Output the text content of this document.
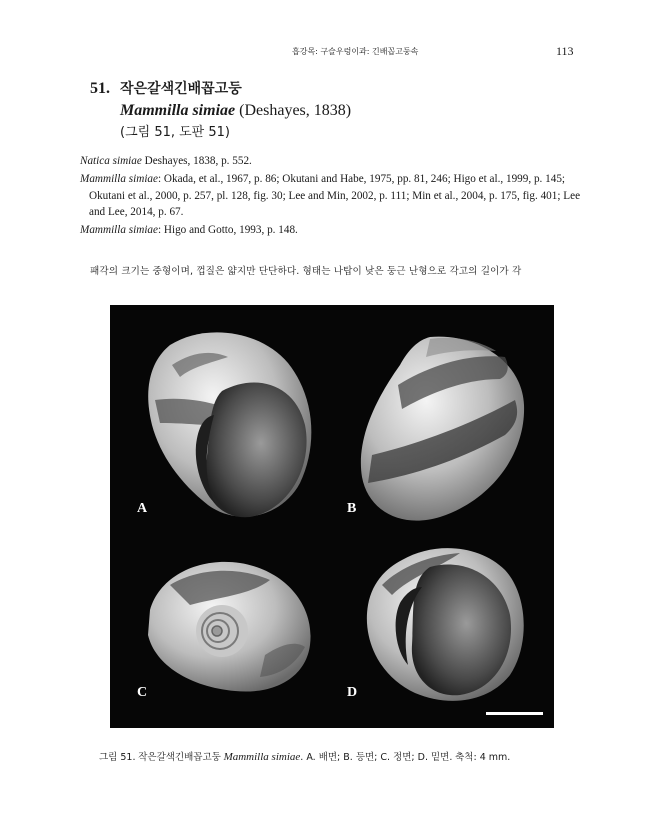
흡강목: 구슬우렁이과: 긴배꼽고둥속	113
51. 작은갈색긴배꼽고둥
Mammilla simiae (Deshayes, 1838)
(그림 51, 도판 51)

Natica simiae Deshayes, 1838, p. 552.

Mammilla simiae: Okada, et al., 1967, p. 86; Okutani and Habe, 1975, pp. 81, 246; Higo et al., 1999, p. 145; Okutani et al., 2000, p. 257, pl. 128, fig. 30; Lee and Min, 2002, p. 111; Min et al., 2004, p. 175, fig. 401; Lee and Lee, 2014, p. 67.

Mammilla simiae: Higo and Gotto, 1993, p. 148.

패각의 크기는 중형이며, 껍질은 얇지만 단단하다. 형태는 나탑이 낮은 둥근 난형으로 각고의 길이가 각
A	B
C	D
그림 51. 작은갈색긴배꼽고둥 Mammilla simiae. A. 배면; B. 등면; C. 정면; D. 밑면. 축척: 4 mm.
